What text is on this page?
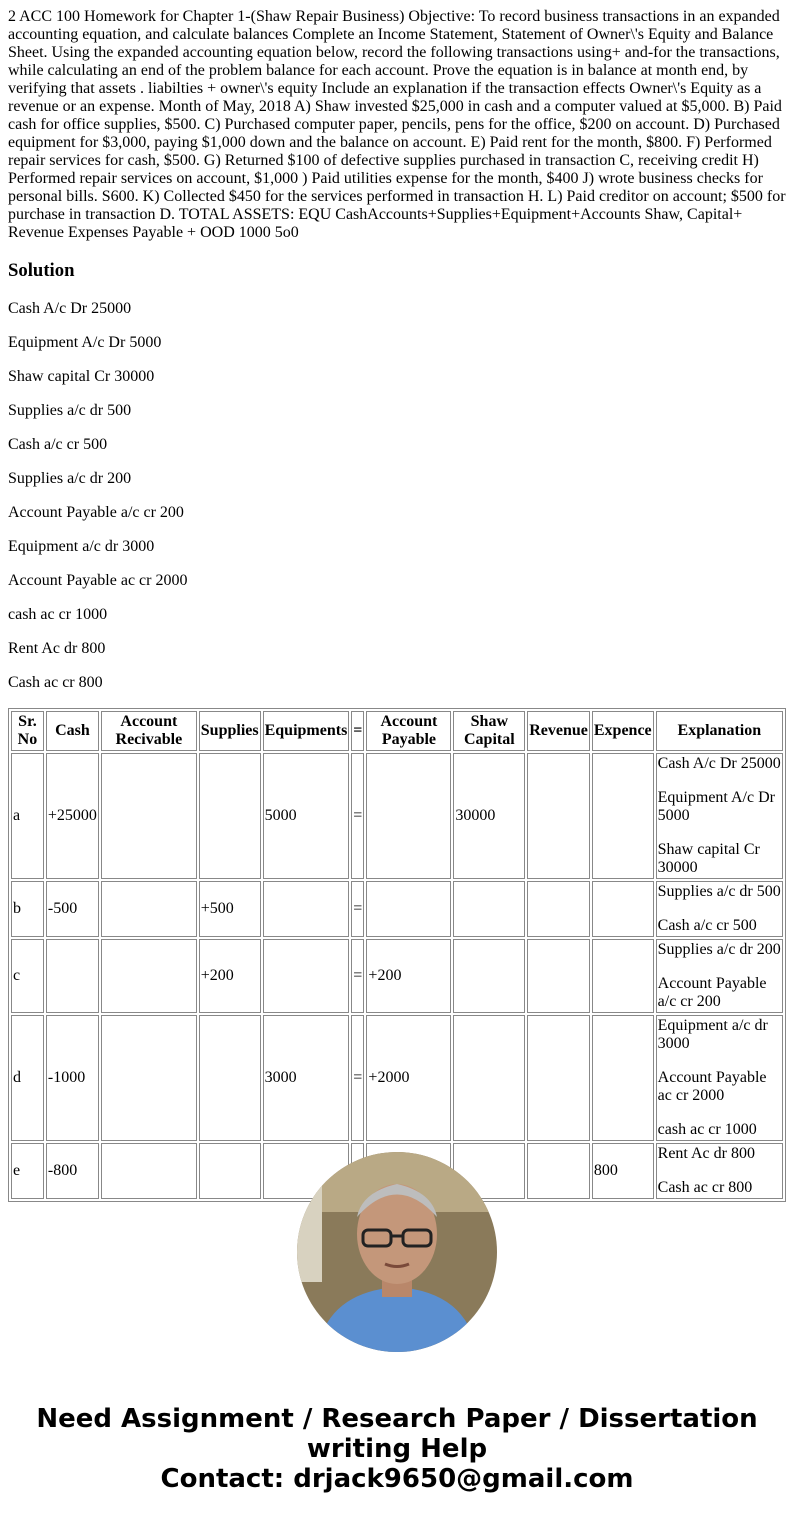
2 ACC 100 Homework for Chapter 1-(Shaw Repair Business) Objective: To record business transactions in an expanded accounting equation, and calculate balances Complete an Income Statement, Statement of Owner\'s Equity and Balance Sheet. Using the expanded accounting equation below, record the following transactions using+ and-for the transactions, while calculating an end of the problem balance for each account. Prove the equation is in balance at month end, by verifying that assets . liabilties + owner\'s equity Include an explanation if the transaction effects Owner\'s Equity as a revenue or an expense. Month of May, 2018 A) Shaw invested $25,000 in cash and a computer valued at $5,000. B) Paid cash for office supplies, $500. C) Purchased computer paper, pencils, pens for the office, $200 on account. D) Purchased equipment for $3,000, paying $1,000 down and the balance on account. E) Paid rent for the month, $800. F) Performed repair services for cash, $500. G) Returned $100 of defective supplies purchased in transaction C, receiving credit H) Performed repair services on account, $1,000 ) Paid utilities expense for the month, $400 J) wrote business checks for personal bills. S600. K) Collected $450 for the services performed in transaction H. L) Paid creditor on account; $500 for purchase in transaction D. TOTAL ASSETS: EQU CashAccounts+Supplies+Equipment+Accounts Shaw, Capital+ Revenue Expenses Payable + OOD 1000 5o0

Solution

Cash A/c Dr 25000

Equipment A/c Dr 5000

Shaw capital Cr 30000

Supplies a/c dr 500

Cash a/c cr 500

Supplies a/c dr 200

Account Payable a/c cr 200

Equipment a/c dr 3000

Account Payable ac cr 2000

cash ac cr 1000

Rent Ac dr 800

Cash ac cr 800

Sr. No	Cash	Account Recivable	Supplies	Equipments	=	Account Payable	Shaw Capital	Revenue	Expence	Explanation
a	+25000			5000	=		30000			Cash A/c Dr 25000

Equipment A/c Dr 5000

Shaw capital Cr 30000

b	-500		+500		=					Supplies a/c dr 500

Cash a/c cr 500

c			+200		=	+200				Supplies a/c dr 200

Account Payable a/c cr 200

d	-1000			3000	=	+2000				Equipment a/c dr 3000

Account Payable ac cr 2000

cash ac cr 1000

e	-800								800	Rent Ac dr 800

Cash ac cr 800

Need Assignment / Research Paper / Dissertation writing Help
Contact: drjack9650@gmail.com
